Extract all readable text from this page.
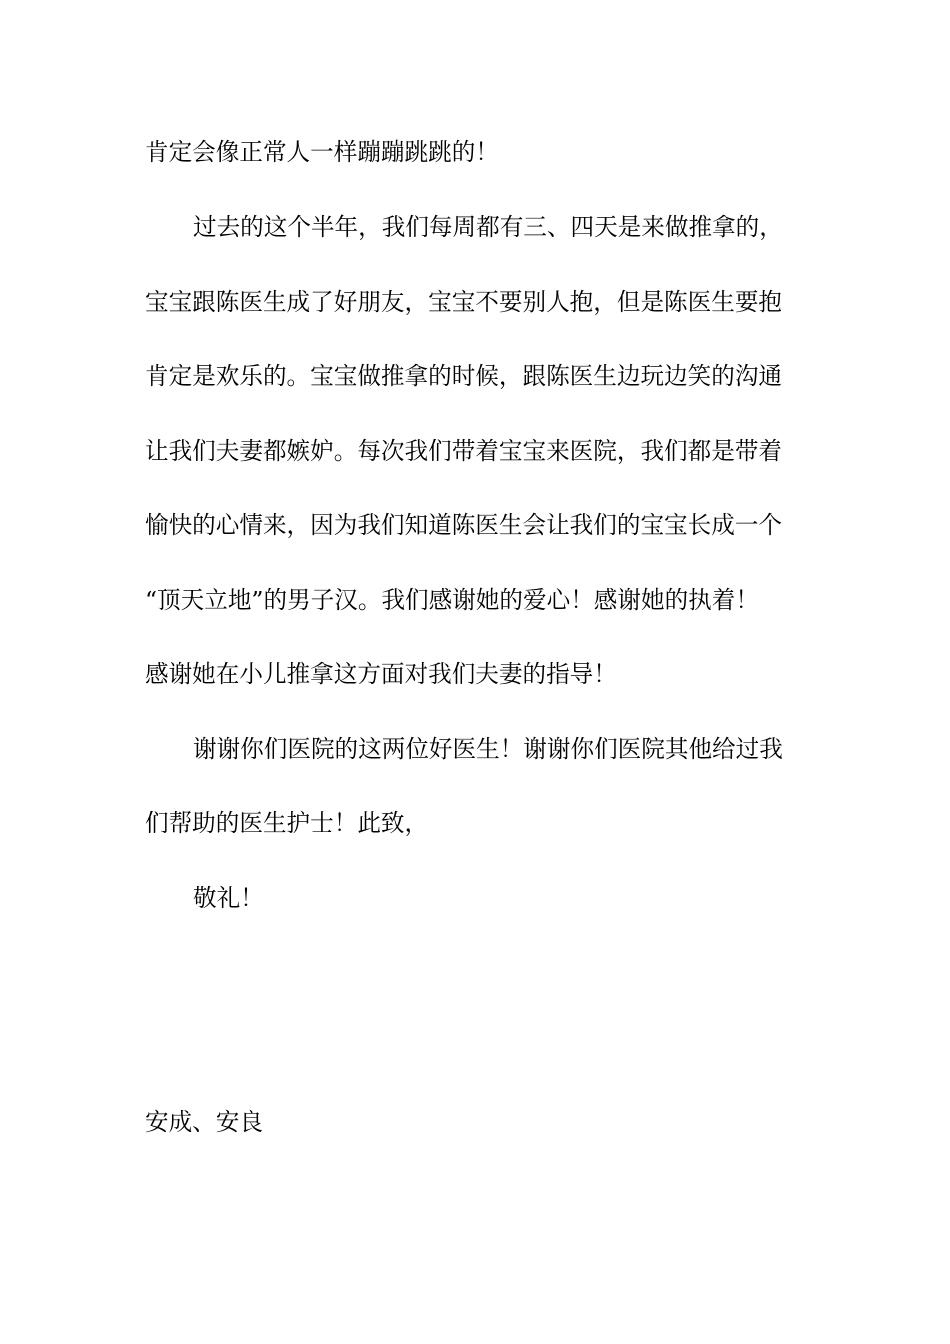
肯定会像正常人一样蹦蹦跳跳的！
过去的这个半年，我们每周都有三、四天是来做推拿的，
宝宝跟陈医生成了好朋友，宝宝不要别人抱，但是陈医生要抱
肯定是欢乐的。宝宝做推拿的时候，跟陈医生边玩边笑的沟通
让我们夫妻都嫉妒。每次我们带着宝宝来医院，我们都是带着
愉快的心情来，因为我们知道陈医生会让我们的宝宝长成一个
“顶天立地”的男子汉。我们感谢她的爱心！感谢她的执着！
感谢她在小儿推拿这方面对我们夫妻的指导！
谢谢你们医院的这两位好医生！谢谢你们医院其他给过我
们帮助的医生护士！此致，
敬礼！
安成、安良
